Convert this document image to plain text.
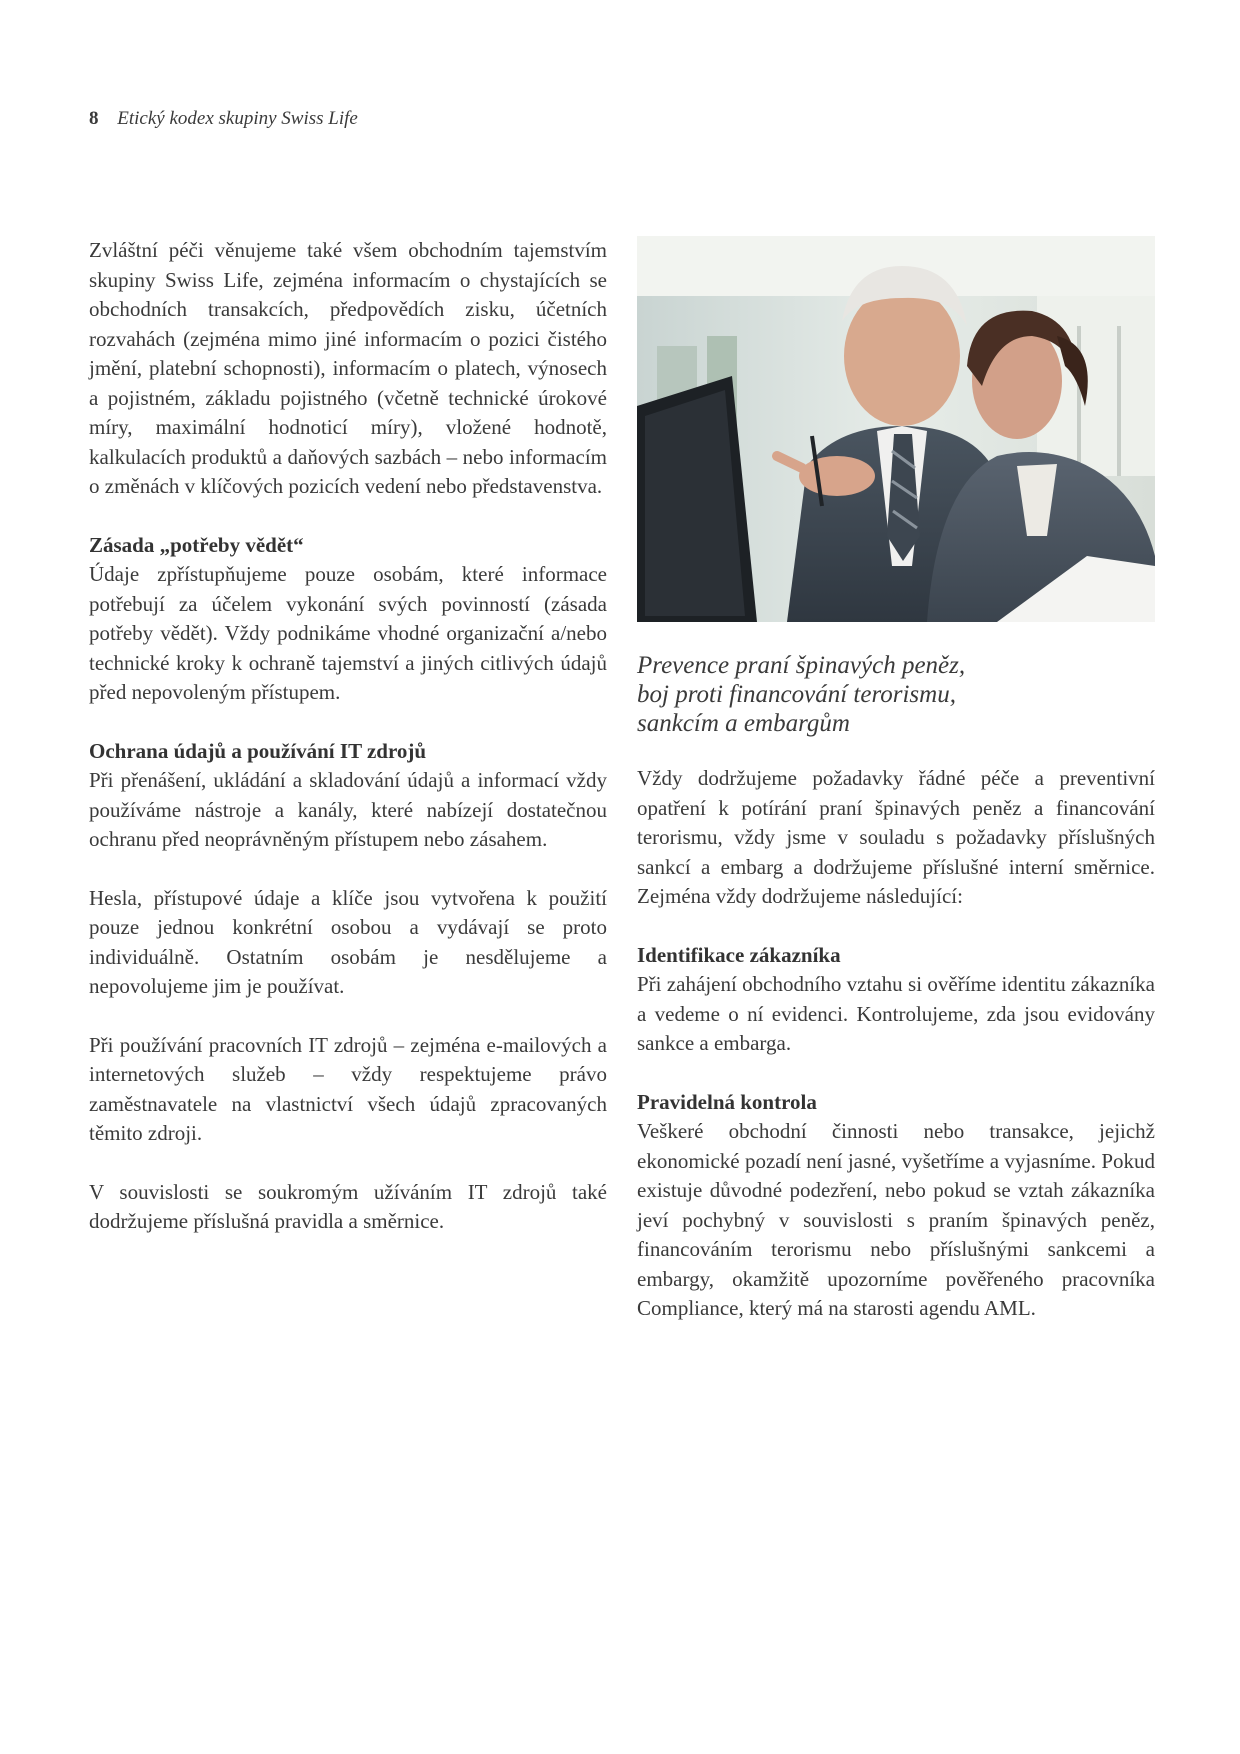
8 Etický kodex skupiny Swiss Life

Zvláštní péči věnujeme také všem obchodním tajemstvím skupiny Swiss Life, zejména informacím o chystajících se obchodních transakcích, předpovědích zisku, účetních rozvahách (zejména mimo jiné informacím o pozici čistého jmění, platební schopnosti), informacím o platech, výnosech a pojistném, základu pojistného (včetně technické úrokové míry, maximální hodnoticí míry), vložené hodnotě, kalkulacích produktů a daňových sazbách – nebo informacím o změnách v klíčových pozicích vedení nebo představenstva.

Zásada „potřeby vědět“

Údaje zpřístupňujeme pouze osobám, které informace potřebují za účelem vykonání svých povinností (zásada potřeby vědět). Vždy podnikáme vhodné organizační a/nebo technické kroky k ochraně tajemství a jiných citlivých údajů před nepovoleným přístupem.

Ochrana údajů a používání IT zdrojů

Při přenášení, ukládání a skladování údajů a informací vždy používáme nástroje a kanály, které nabízejí dostatečnou ochranu před neoprávněným přístupem nebo zásahem.

Hesla, přístupové údaje a klíče jsou vytvořena k použití pouze jednou konkrétní osobou a vydávají se proto individuálně. Ostatním osobám je nesdělujeme a nepovolujeme jim je používat.

Při používání pracovních IT zdrojů – zejména e-mailových a internetových služeb – vždy respektujeme právo zaměstnavatele na vlastnictví všech údajů zpracovaných těmito zdroji.

V souvislosti se soukromým užíváním IT zdrojů také dodržujeme příslušná pravidla a směrnice.

Prevence praní špinavých peněz,
boj proti financování terorismu,
sankcím a embargům

Vždy dodržujeme požadavky řádné péče a preventivní opatření k potírání praní špinavých peněz a financování terorismu, vždy jsme v souladu s požadavky příslušných sankcí a embarg a dodržujeme příslušné interní směrnice. Zejména vždy dodržujeme následující:

Identifikace zákazníka

Při zahájení obchodního vztahu si ověříme identitu zákazníka a vedeme o ní evidenci. Kontrolujeme, zda jsou evidovány sankce a embarga.

Pravidelná kontrola

Veškeré obchodní činnosti nebo transakce, jejichž ekonomické pozadí není jasné, vyšetříme a vyjasníme. Pokud existuje důvodné podezření, nebo pokud se vztah zákazníka jeví pochybný v souvislosti s praním špinavých peněz, financováním terorismu nebo příslušnými sankcemi a embargy, okamžitě upozorníme pověřeného pracovníka Compliance, který má na starosti agendu AML.
